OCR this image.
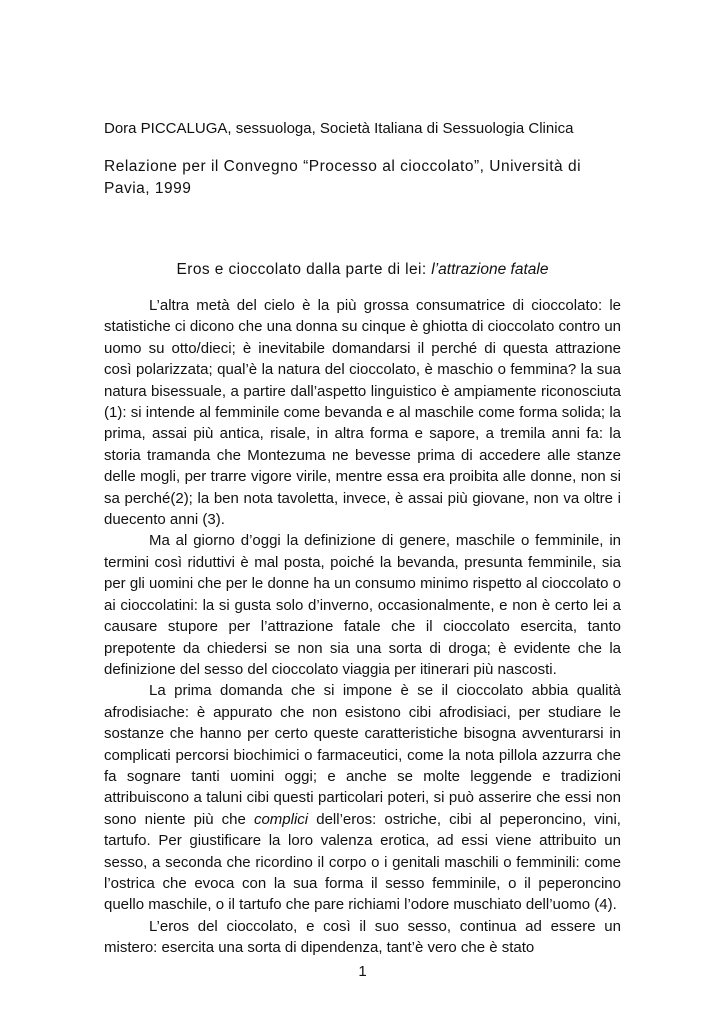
Dora PICCALUGA, sessuologa, Società Italiana di Sessuologia Clinica

Relazione per il Convegno “Processo al cioccolato”, Università di Pavia, 1999

Eros e cioccolato dalla parte di lei: l’attrazione fatale

L’altra metà del cielo è la più grossa consumatrice di cioccolato: le statistiche ci dicono che una donna su cinque è ghiotta di cioccolato contro un uomo su otto/dieci; è inevitabile domandarsi il perché di questa attrazione così polarizzata; qual’è la natura del cioccolato, è maschio o femmina? la sua natura bisessuale, a partire dall’aspetto linguistico è ampiamente riconosciuta (1): si intende al femminile come bevanda e al maschile come forma solida; la prima, assai più antica, risale, in altra forma e sapore, a tremila anni fa: la storia tramanda che Montezuma ne bevesse prima di accedere alle stanze delle mogli, per trarre vigore virile, mentre essa era proibita alle donne, non si sa perché(2); la ben nota tavoletta, invece, è assai più giovane, non va oltre i duecento anni (3).

Ma al giorno d’oggi la definizione di genere, maschile o femminile, in termini così riduttivi è mal posta, poiché la bevanda, presunta femminile, sia per gli uomini che per le donne ha un consumo minimo rispetto al cioccolato o ai cioccolatini: la si gusta solo d’inverno, occasionalmente, e non è certo lei a causare stupore per l’attrazione fatale che il cioccolato esercita, tanto prepotente da chiedersi se non sia una sorta di droga; è evidente che la definizione del sesso del cioccolato viaggia per itinerari più nascosti.

La prima domanda che si impone è se il cioccolato abbia qualità afrodisiache: è appurato che non esistono cibi afrodisiaci, per studiare le sostanze che hanno per certo queste caratteristiche bisogna avventurarsi in complicati percorsi biochimici o farmaceutici, come la nota pillola azzurra che fa sognare tanti uomini oggi; e anche se molte leggende e tradizioni attribuiscono a taluni cibi questi particolari poteri, si può asserire che essi non sono niente più che complici dell’eros: ostriche, cibi al peperoncino, vini, tartufo. Per giustificare la loro valenza erotica, ad essi viene attribuito un sesso, a seconda che ricordino il corpo o i genitali maschili o femminili: come l’ostrica che evoca con la sua forma il sesso femminile, o il peperoncino quello maschile, o il tartufo che pare richiami l’odore muschiato dell’uomo (4).

L’eros del cioccolato, e così il suo sesso, continua ad essere un mistero: esercita una sorta di dipendenza, tant’è vero che è stato

1
